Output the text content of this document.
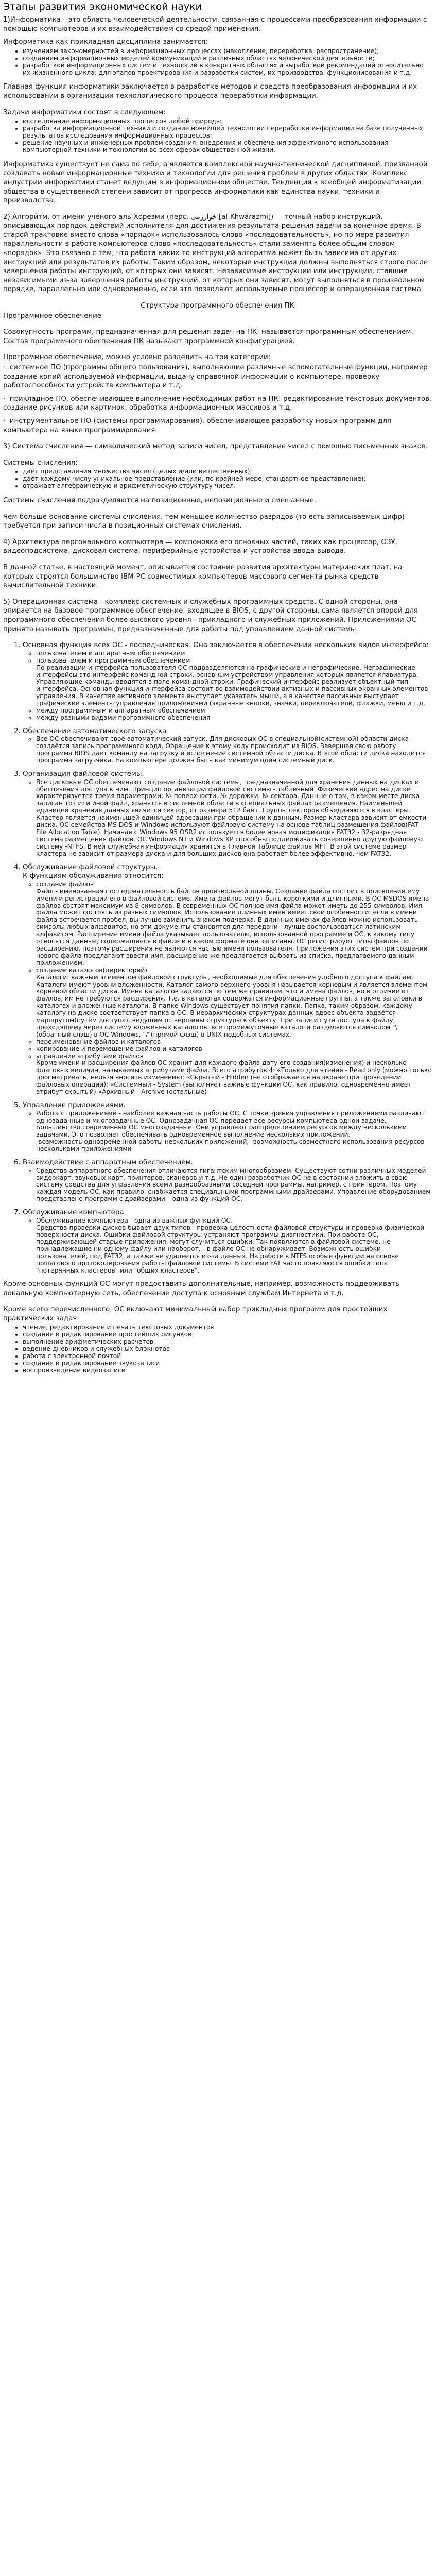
Этапы развития экономической науки

1)Информатика – это область человеческой деятельности, связанная с процессами преобразования информации с помощью компьютеров и их взаимодействием со средой применения.

Информатика как прикладная дисциплина занимается:

• изучением закономерностей в информационных процессах (накопление, переработка, распространение);
• созданием информационных моделей коммуникаций в различных областях человеческой деятельности;
• разработкой информационных систем и технологий в конкретных областях и выработкой рекомендаций относительно их жизненного цикла: для этапов проектирования и разработки систем, их производства, функционирования и т.д.

Главная функция информатики заключается в разработке методов и средств преобразования информации и их использовании в организации технологического процесса переработки информации.

Задачи информатики состоят в следующем:

• исследование информационных процессов любой природы;
• разработка информационной техники и создание новейшей технологии переработки информации на базе полученных результатов исследования информационных процессов;
• решение научных и инженерных проблем создания, внедрения и обеспечения эффективного использования компьютерной техники и технологии во всех сферах общественной жизни.

Информатика существует не сама по себе, а является комплексной научно-технической дисциплиной, призванной создавать новые информационные техники и технологии для решения проблем в других областях. Комплекс индустрии информатики станет ведущим в информационном обществе. Тенденция к всеобщей информатизации общества в существенной степени зависит от прогресса информатики как единства науки, техники и производства.

2) Алгори́тм, от имени учёного аль-Хорезми (перс. خوارزمی‎ [al-Khwārazmī]) — точный набор инструкций, описывающих порядок действий исполнителя для достижения результата решения задачи за конечное время. В старой трактовке вместо слова «порядок» использовалось слово «последовательность», но по мере развития параллельности в работе компьютеров слово «последовательность» стали заменять более общим словом «порядок». Это связано с тем, что работа каких-то инструкций алгоритма может быть зависима от других инструкций или результатов их работы. Таким образом, некоторые инструкции должны выполняться строго после завершения работы инструкций, от которых они зависят. Независимые инструкции или инструкции, ставшие независимыми из-за завершения работы инструкций, от которых они зависят, могут выполняться в произвольном порядке, параллельно или одновременно, если это позволяют используемые процессор и операционная система

Структура программного обеспечения ПК

Программное обеспечение

Совокупность программ, предназначенная для решения задач на ПК, называется программным обеспечением. Состав программного обеспечения ПК называют программной конфигурацией.

Программное обеспечение, можно условно разделить на три категории:

·  системное ПО (программы общего пользования), выполняющие различные вспомогательные функции, например создание копий используемой информации, выдачу справочной информации о компьютере, проверку работоспособности устройств компьютера и т.д.

·  прикладное ПО, обеспечивающее выполнение необходимых работ на ПК: редактирование текстовых документов, создание рисунков или картинок, обработка информационных массивов и т.д.

·  инструментальное ПО (системы программирования), обеспечивающее разработку новых программ для компьютера на языке программирования.

3) Система счисления — символический метод записи чисел, представление чисел с помощью письменных знаков.

Системы счисления:

• даёт представления множества чисел (целых и/или вещественных);
• даёт каждому числу уникальное представление (или, по крайней мере, стандартное представление);
• отражает алгебраическую и арифметическую структуру чисел.

Системы счисления подразделяются на позиционные, непозиционные и смешанные.

Чем больше основание системы счисления, тем меньшее количество разрядов (то есть записываемых цифр) требуется при записи числа в позиционных системах счисления.

4) Архитектура персонального компьютера — компоновка его основных частей, таких как процессор, ОЗУ, видеоподсистема, дисковая система, периферийные устройства и устройства ввода-вывода.

В данной статье, в настоящий момент, описывается состояние развития архитектуры материнских плат, на которых строятся большинство IBM-PC совместимых компьютеров массового сегмента рынка средств вычислительной техники.

5) Операционная система - комплекс системных и служебных программных средств. С одной стороны, она опирается на базовое программное обеспечение, входящее в BIOS, с другой стороны, сама является опорой для программного обеспечения более высокого уровня - прикладного и служебных приложений. Приложениями ОС принято называть программы, предназначенные для работы под управлением данной системы.

1. Основная функция всех ОС - посредническая. Она заключается в обеспечении нескольких видов интерфейса:
◦ пользователем и аппаратным обеспечением
◦ пользователем и программным обеспечением
По реализации интерфейса пользователя ОС подразделяются на графические и неграфические. Неграфические интерфейсы это интерфейс командной строки, основным устройством управления которых является клавиатура. Управляющие команды вводятся в поле командной строки. Графический интерфейс реализует объектный тип интерфейса. Основная функция интерфейса состоит во взаимодействии активных и пассивных экранных элементов управления. В качестве активного элемента выступает указатель мыши, а в качестве пассивных выступает графические элементы управления приложениями (экранные кнопки, значки, переключатели, флажки, меню и т.д.
◦ между программным и аппаратным обеспечением
◦ между разными видами программного обеспечения
2. Обеспечение автоматического запуска
◦ Все ОС обеспечивают своё автоматический запуск. Для дисковых ОС в специальной(системной) области диска создаётся запись программного кода. Обращение к этому коду происходит из BIOS. Завершая свою работу программа BIOS дает команду на загрузку и исполнение системной области диска. В этой области диска находится программа загрузчика. На компьютере должен быть как минимум один системный диск.
3. Организация файловой системы.
◦ Все дисковые ОС обеспечивают создание файловой системы, предназначенной для хранения данных на дисках и обеспечения доступа к ним. Принцип организации файловой системы - табличный. Физический адрес на диске характеризуется тремя параметрами: № поверхности, № дорожки, № сектора. Данные о том, в каком месте диска записан тот или иной файл, хранятся в системной области в специальных файлах размещения. Наименьшей единицей хранения данных является сектор, от размера 512 байт. Группы секторов объединяются в кластеры. Кластер является наименьшей единицей адресации при обращении к данным. Размер кластера зависит от емкости диска. ОС семейства MS DOS и Windows используют файловую систему на основе таблиц размещения файлов(FAT - File Allocation Table). Начиная с Windows 95 OSR2 используется более новая модификация FAT32 - 32-разрядная система размещения файлов. ОС Windows NT и Windows XP способны поддерживать совершенно другую файловую систему -NTFS. В ней служебная информация хранится в Главной Таблице файлов MFT. В этой системе размер кластера не зависит от размера диска и для больших дисков она работает более эффективно, чем FAT32.
4. Обслуживание файловой структуры.
К функциям обслуживания относится:
◦ создание файлов
Файл - именованная последовательность байтов произвольной длины. Создание файла состоит в присвоении ему имени и регистрации его в файловой системе. Имена файлов могут быть короткими и длинными. В ОС MSDOS имена файлов состоят максимум из 8 символов. В современных ОС полное имя файла может иметь до 255 символов. Имя файла может состоять из разных символов. Использование длинных имен имеет свои особенности: если в имени файла встречается пробел, вы лучше заменить знаком подчерка. В длинных именах файлов можно использовать символы любых алфавитов, но эти документы становятся для передачи - лучше воспользоваться латинским алфавитом. Расширение имени файла указывает пользователю, использованной программе и ОС, к какому типу относятся данные, содержащиеся в файле и в каком формате они записаны. ОС регистрирует типы файлов по расширению, поэтому расширения не являются частью имени пользователя. Приложения этих систем при создании нового файла предлагают ввести имя, расширение же предлагается выбрать из списка, предлагаемого данным приложением.
◦ создание каталогов(директорий)
Каталоги: важным элементом файловой структуры, необходимые для обеспечения удобного доступа к файлам. Каталоги имеют уровни вложенности. Каталог самого верхнего уровня называется корневым и является элементом корневой области диска. Имена каталогов задаются по тем же правилам, что и имена файлов, но в отличие от файлов, им не требуются расширения. Т.е. в каталогах содержатся информационные группы, а также заголовки в каталогах и вложенные каталоги. В папке Windows существует понятия папки. Папка, таким образом, каждому каталогу на диске соответствует папка в ОС. В иерархических структурах данных адрес объекта задаётся маршрутом(путём доступа), ведущим от вершины структуры к объекту. При записи пути доступа к файлу, проходящему через систему вложенных каталогов, все промежуточные каталоги разделяются символом "\"(обратный слэш) в ОС Windows, "/"(прямой слэш) в UNIX-подобных системах.
◦ переименование файлов и каталогов
◦ копирование и перемещение файлов и каталогов
◦ управление атрибутами файлов
Кроме имени и расширения файлов ОС хранит для каждого файла дату его создания(изменения) и несколько флаговых величин, называемых атрибутами файла. Всего атрибутов 4: «Только для чтения - Read only (можно только просматривать, нельзя вносить изменения); «Скрытый - Hidden (не отображается на экране при проведении файловых операций); «Системный - System (выполняет важные функции ОС, как правило, одновременно имеет атрибут скрытый) «Архивный - Archive (остальные)
5. Управление приложениями.
◦ Работа с приложениями - наиболее важная часть работы ОС. С точки зрения управления приложениями различают однозадачные и многозадачные ОС. Однозадачная ОС передает все ресурсы компьютера одной задаче. Большинство современных ОС многозадачные. Они управляют распределением ресурсов между несколькими задачами. Это позволяет обеспечивать одновременное выполнение нескольких приложений.
-возможность одновременной работы нескольких приложений; -возможность совместного использования ресурсов нескольками приложениями
6. Взаимодействие с аппаратным обеспечением.
◦ Средства аппаратного обеспечения отличаются гигантским многообразием. Существуют сотни различных моделей видеокарт, звуковых карт, принтеров, сканеров и т.д. Не один разработчик ОС не в состоянии вложить в свою систему средства для управления всеми разнообразными соседней программы, например, с принтером. Поэтому каждая модель ОС, как правило, снабжается специальными программными драйверами. Управление оборудованием представлено программ с драйверами – одна из функций ОС.
7. Обслуживание компьютера
◦ Обслуживание компьютера - одна из важных функций ОС.
Средства проверки дисков бывает двух типов - проверка целостности файловой структуры и проверка физической поверхности диска. Ошибки файловой структуры устраняют программы диагностики. При работе ОС, поддерживающей старые приложения, могут случиться ошибки. Так появляются в файловой системе, не принадлежащие ни одному файлу или наоборот, - в файле ОС не обнаруживает. Возможность ошибки пользователей, под FAT32, а также не удаляется из-за данных. На работе в NTFS особые функции на основе пошагового протоколирования работы файловой системы. В системе FAT часто появляются ошибки типа "потерянных кластеров" или "общих кластеров".

Кроме основных функций ОС могут предоставить дополнительные, например, возможность поддерживать локальную компьютерную сеть, обеспечение доступа к основным службам Интернета и т.д.

Кроме всего перечисленного, ОС включают минимальный набор прикладных программ для простейших практических задач:

• чтение, редактирование и печать текстовых документов
• создание и редактирование простейших рисунков
• выполнение арифметических расчетов
• ведение дневников и служебных блокнотов
• работа с электронной почтой
• создание и редактирование звукозаписи
• воспроизведение видеозаписи
